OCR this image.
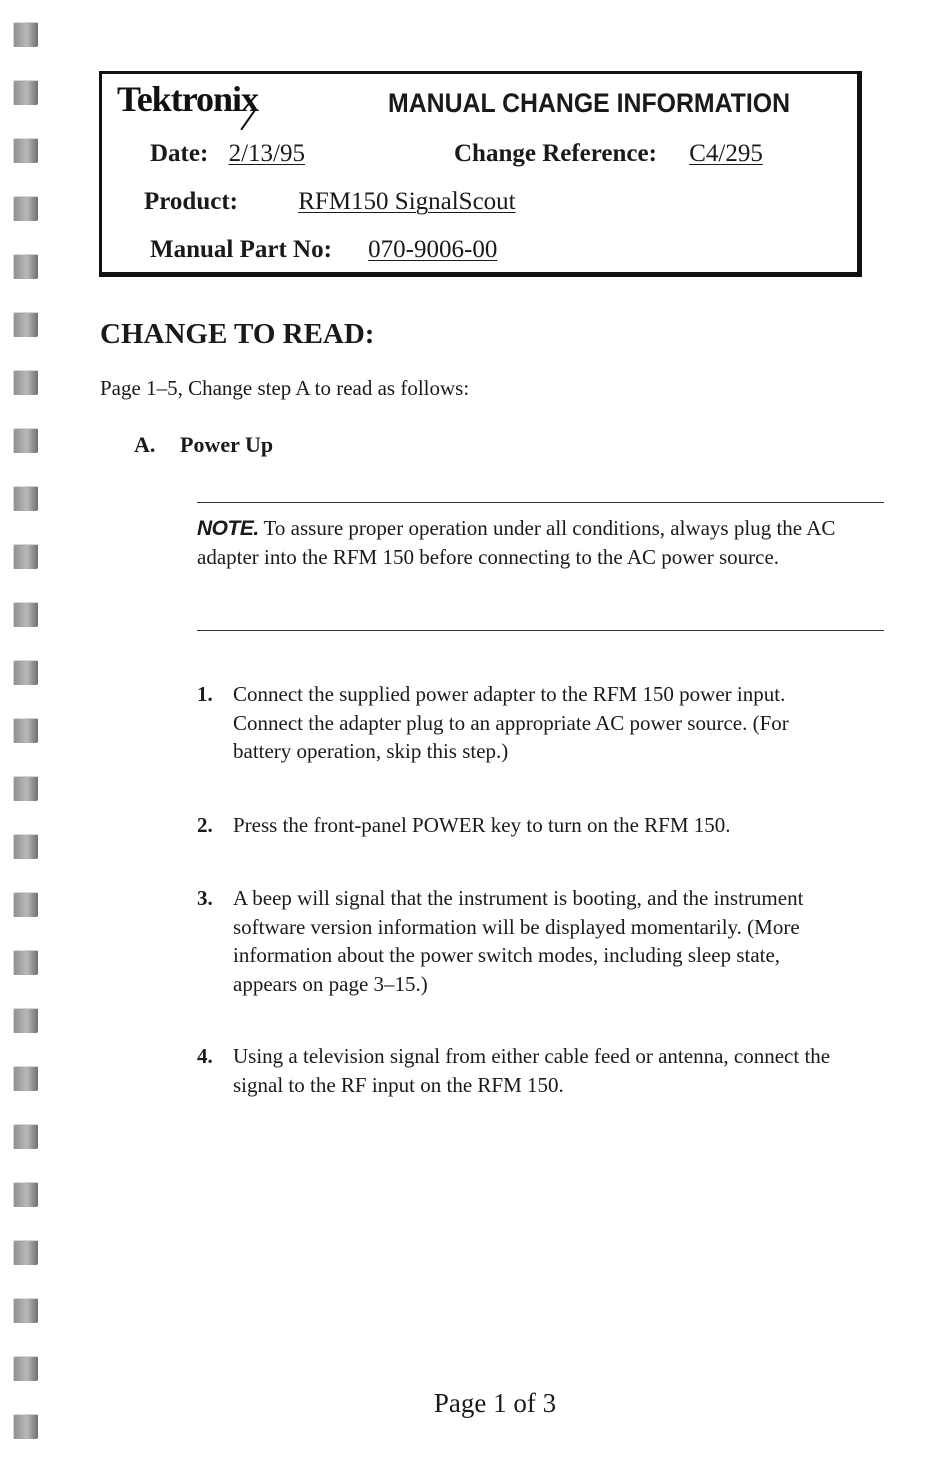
Tektronix	MANUAL CHANGE INFORMATION
Date: 2/13/95	Change Reference: C4/295
Product: RFM150 SignalScout
Manual Part No: 070-9006-00
CHANGE TO READ:
Page 1–5, Change step A to read as follows:
A. Power Up
NOTE. To assure proper operation under all conditions, always plug the AC adapter into the RFM 150 before connecting to the AC power source.
1. Connect the supplied power adapter to the RFM 150 power input. Connect the adapter plug to an appropriate AC power source. (For battery operation, skip this step.)
2. Press the front-panel POWER key to turn on the RFM 150.
3. A beep will signal that the instrument is booting, and the instrument software version information will be displayed momentarily. (More information about the power switch modes, including sleep state, appears on page 3–15.)
4. Using a television signal from either cable feed or antenna, connect the signal to the RF input on the RFM 150.
Page 1 of 3
